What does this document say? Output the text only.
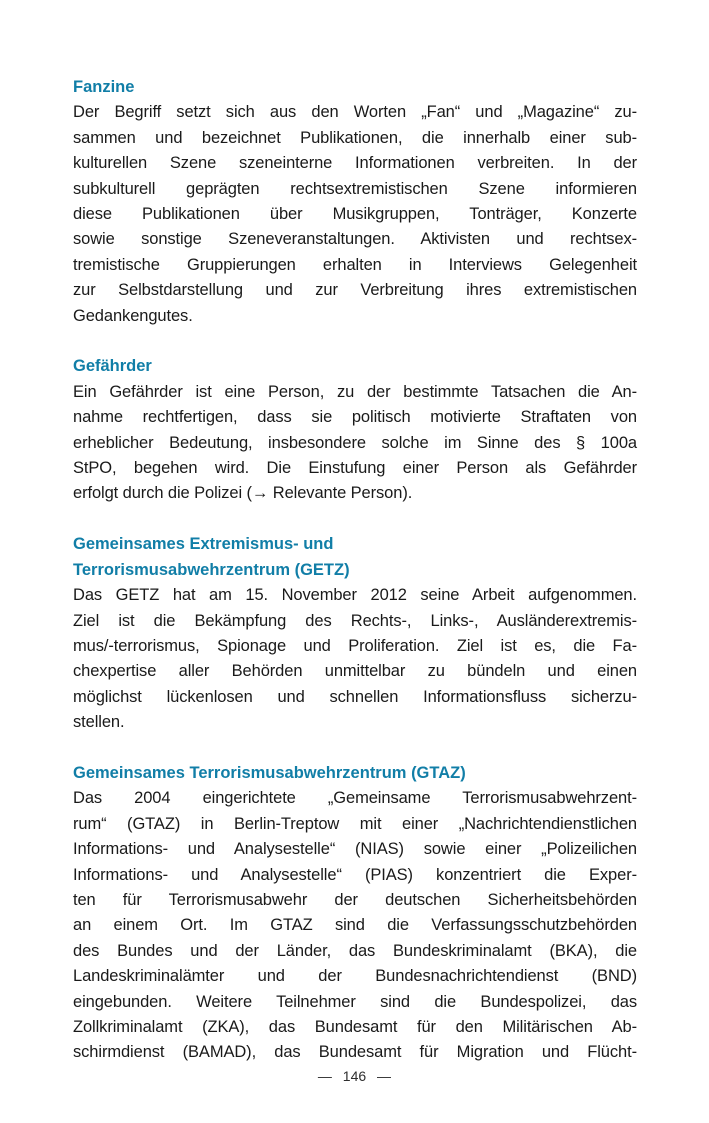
Fanzine
Der Begriff setzt sich aus den Worten „Fan“ und „Magazine“ zu-
sammen und bezeichnet Publikationen, die innerhalb einer sub-
kulturellen Szene szeneinterne Informationen verbreiten. In der
subkulturell geprägten rechtsextremistischen Szene informieren
diese Publikationen über Musikgruppen, Tonträger, Konzerte
sowie sonstige Szeneveranstaltungen. Aktivisten und rechtsex-
tremistische Gruppierungen erhalten in Interviews Gelegenheit
zur Selbstdarstellung und zur Verbreitung ihres extremistischen
Gedankengutes.
Gefährder
Ein Gefährder ist eine Person, zu der bestimmte Tatsachen die An-
nahme rechtfertigen, dass sie politisch motivierte Straftaten von
erheblicher Bedeutung, insbesondere solche im Sinne des § 100a
StPO, begehen wird. Die Einstufung einer Person als Gefährder
erfolgt durch die Polizei (→ Relevante Person).
Gemeinsames Extremismus- und
Terrorismusabwehrzentrum (GETZ)
Das GETZ hat am 15. November 2012 seine Arbeit aufgenommen.
Ziel ist die Bekämpfung des Rechts-, Links-, Ausländerextremis-
mus/-terrorismus, Spionage und Proliferation. Ziel ist es, die Fa-
chexpertise aller Behörden unmittelbar zu bündeln und einen
möglichst lückenlosen und schnellen Informationsfluss sicherzu-
stellen.
Gemeinsames Terrorismusabwehrzentrum (GTAZ)
Das 2004 eingerichtete „Gemeinsame Terrorismusabwehrzent-
rum“ (GTAZ) in Berlin-Treptow mit einer „Nachrichtendienstlichen
Informations- und Analysestelle“ (NIAS) sowie einer „Polizeilichen
Informations- und Analysestelle“ (PIAS) konzentriert die Exper-
ten für Terrorismusabwehr der deutschen Sicherheitsbehörden
an einem Ort. Im GTAZ sind die Verfassungsschutzbehörden
des Bundes und der Länder, das Bundeskriminalamt (BKA), die
Landeskriminalämter und der Bundesnachrichtendienst (BND)
eingebunden. Weitere Teilnehmer sind die Bundespolizei, das
Zollkriminalamt (ZKA), das Bundesamt für den Militärischen Ab-
schirmdienst (BAMAD), das Bundesamt für Migration und Flücht-
— 146 —
